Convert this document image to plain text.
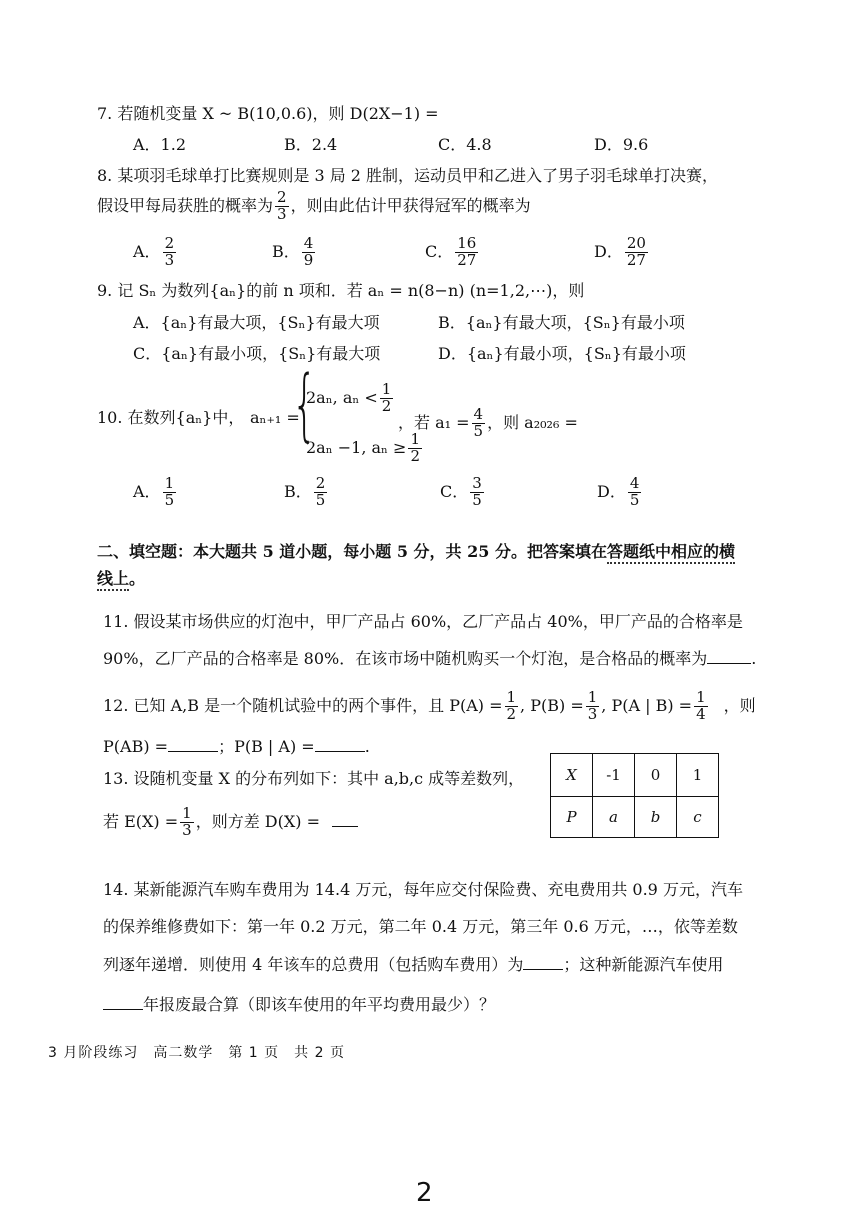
7. 若随机变量 X ~ B(10,0.6)，则 D(2X−1) =
A．1.2	B．2.4	C．4.8	D．9.6
8. 某项羽毛球单打比赛规则是 3 局 2 胜制，运动员甲和乙进入了男子羽毛球单打决赛，
假设甲每局获胜的概率为 $\frac{2}{3}$ ，则由此估计甲获得冠军的概率为
A． $\frac{2}{3}$	B． $\frac{4}{9}$	C． $\frac{16}{27}$	D． $\frac{20}{27}$
9. 记 Sₙ 为数列{aₙ}的前 n 项和．若 aₙ = n(8−n) (n=1,2,⋯)，则
A．{aₙ}有最大项，{Sₙ}有最大项	B．{aₙ}有最大项，{Sₙ}有最小项
C．{aₙ}有最小项，{Sₙ}有最大项	D．{aₙ}有最小项，{Sₙ}有最小项
10. 在数列{aₙ}中， aₙ₊₁ =
{
2aₙ, $a_n < \frac{1}{2}$
2aₙ −1, $a_n \ge \frac{1}{2}$
，若 $a_1 = \frac{4}{5}$ ，则 a₂₀₂₆ =
A． $\frac{1}{5}$	B． $\frac{2}{5}$	C． $\frac{3}{5}$	D． $\frac{4}{5}$
二、填空题：本大题共 5 道小题，每小题 5 分，共 25 分。把答案填在答题纸中相应的横
线上。
11. 假设某市场供应的灯泡中，甲厂产品占 60%，乙厂产品占 40%，甲厂产品的合格率是
90%，乙厂产品的合格率是 80%．在该市场中随机购买一个灯泡，是合格品的概率为	.
12. 已知 A,B 是一个随机试验中的两个事件，且 $P(A) = \frac{1}{2}$ , $P(B) = \frac{1}{3}$ , P(A | $B) = \frac{1}{4}$ ，则
P(AB) =	；P(B | A) =	.
13. 设随机变量 X 的分布列如下：其中 a,b,c 成等差数列，
若 $E(X) = \frac{1}{3}$ ，则方差 D(X) =
X	-1	0	1
P	a	b	c
14. 某新能源汽车购车费用为 14.4 万元，每年应交付保险费、充电费用共 0.9 万元，汽车
的保养维修费如下：第一年 0.2 万元，第二年 0.4 万元，第三年 0.6 万元，…，依等差数
列逐年递增．则使用 4 年该车的总费用（包括购车费用）为	；这种新能源汽车使用
年报废最合算（即该车使用的年平均费用最少）？
3 月阶段练习　高二数学　第 1 页　共 2 页
2
